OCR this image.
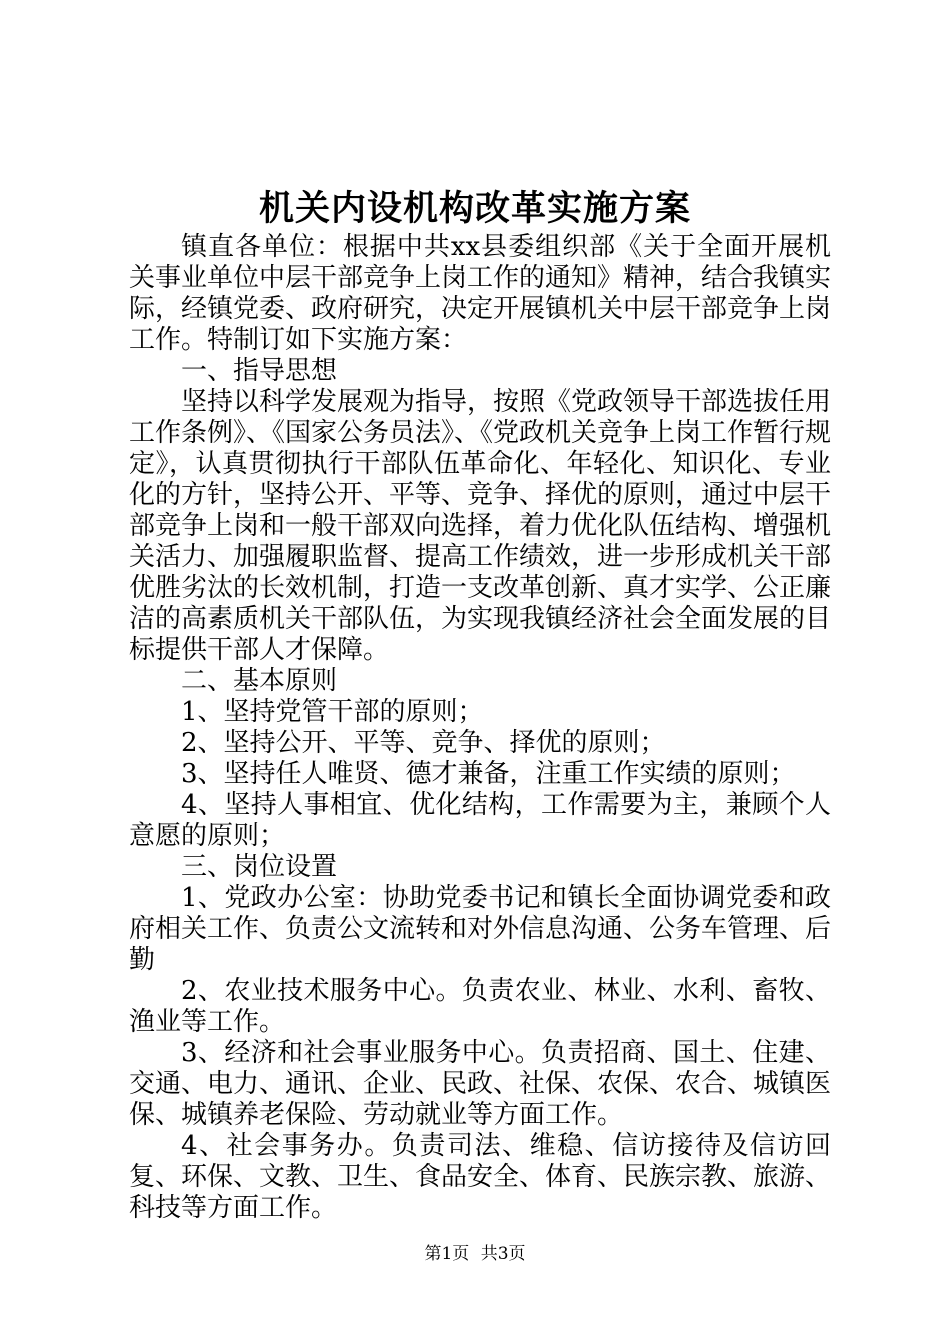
机关内设机构改革实施方案

镇直各单位：根据中共xx县委组织部《关于全面开展机关事业单位中层干部竞争上岗工作的通知》精神，结合我镇实际，经镇党委、政府研究，决定开展镇机关中层干部竞争上岗工作。特制订如下实施方案：

一、指导思想

坚持以科学发展观为指导，按照《党政领导干部选拔任用工作条例》、《国家公务员法》、《党政机关竞争上岗工作暂行规定》，认真贯彻执行干部队伍革命化、年轻化、知识化、专业化的方针，坚持公开、平等、竞争、择优的原则，通过中层干部竞争上岗和一般干部双向选择，着力优化队伍结构、增强机关活力、加强履职监督、提高工作绩效，进一步形成机关干部优胜劣汰的长效机制，打造一支改革创新、真才实学、公正廉洁的高素质机关干部队伍，为实现我镇经济社会全面发展的目标提供干部人才保障。

二、基本原则

1、坚持党管干部的原则；

2、坚持公开、平等、竞争、择优的原则；

3、坚持任人唯贤、德才兼备，注重工作实绩的原则；

4、坚持人事相宜、优化结构，工作需要为主，兼顾个人意愿的原则；

三、岗位设置

1、党政办公室：协助党委书记和镇长全面协调党委和政府相关工作、负责公文流转和对外信息沟通、公务车管理、后勤

2、农业技术服务中心。负责农业、林业、水利、畜牧、渔业等工作。

3、经济和社会事业服务中心。负责招商、国土、住建、交通、电力、通讯、企业、民政、社保、农保、农合、城镇医保、城镇养老保险、劳动就业等方面工作。

4、社会事务办。负责司法、维稳、信访接待及信访回复、环保、文教、卫生、食品安全、体育、民族宗教、旅游、科技等方面工作。

第1页 共3页
